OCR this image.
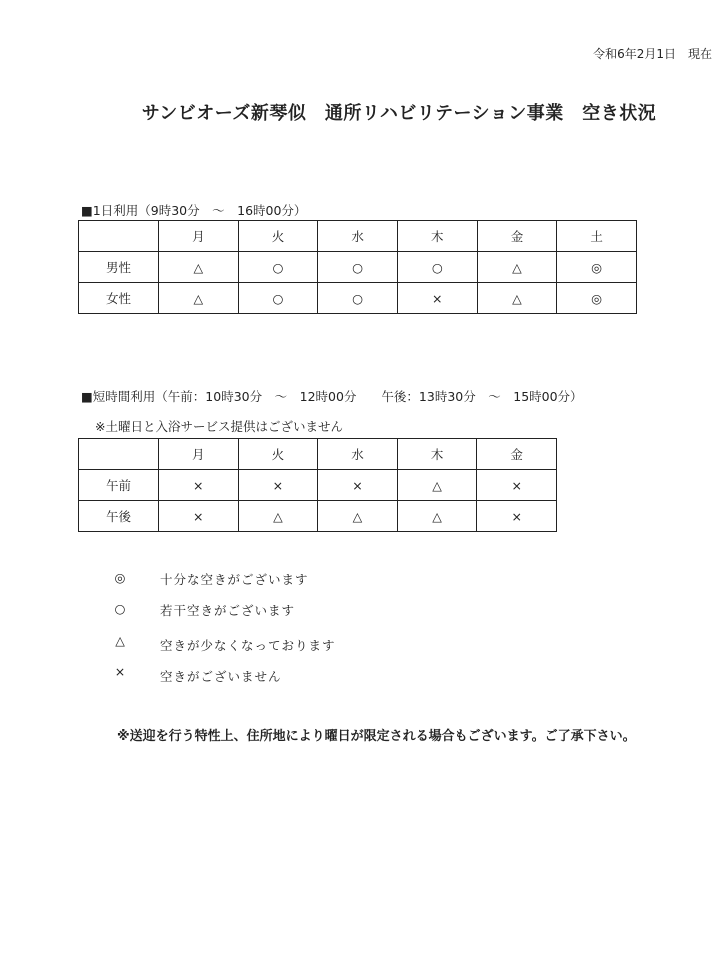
令和6年2月1日　現在
サンビオーズ新琴似　通所リハビリテーション事業　空き状況
■1日利用（9時30分　～　16時00分）
	月	火	水	木	金	土
男性	△	○	○	○	△	◎
女性	△	○	○	×	△	◎
■短時間利用（午前：10時30分　～　12時00分　　午後：13時30分　～　15時00分）
※土曜日と入浴サービス提供はございません
	月	火	水	木	金
午前	×	×	×	△	×
午後	×	△	△	△	×
◎	十分な空きがございます
○	若干空きがございます
△	空きが少なくなっております
×	空きがございません
※送迎を行う特性上、住所地により曜日が限定される場合もございます。ご了承下さい。
